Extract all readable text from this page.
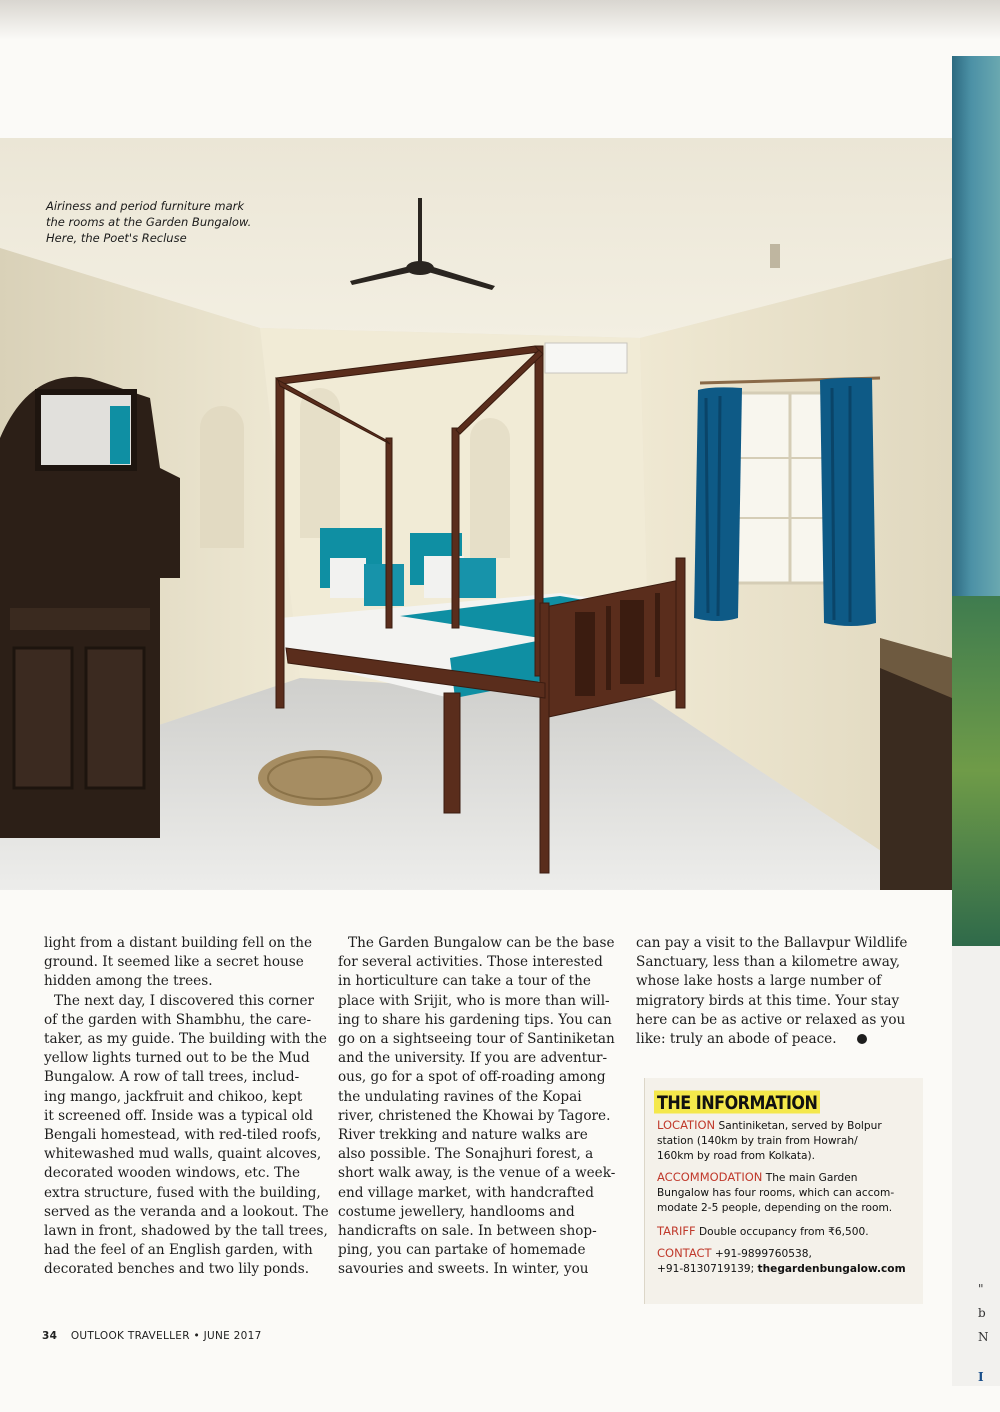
Airiness and period furniture mark
the rooms at the Garden Bungalow.
Here, the Poet's Recluse
"
b
N
I

light from a distant building fell on the
ground. It seemed like a secret house
hidden among the trees.

The next day, I discovered this corner
of the garden with Shambhu, the care-
taker, as my guide. The building with the
yellow lights turned out to be the Mud
Bungalow. A row of tall trees, includ-
ing mango, jackfruit and chikoo, kept
it screened off. Inside was a typical old
Bengali homestead, with red-tiled roofs,
whitewashed mud walls, quaint alcoves,
decorated wooden windows, etc. The
extra structure, fused with the building,
served as the veranda and a lookout. The
lawn in front, shadowed by the tall trees,
had the feel of an English garden, with
decorated benches and two lily ponds.

The Garden Bungalow can be the base
for several activities. Those interested
in horticulture can take a tour of the
place with Srijit, who is more than will-
ing to share his gardening tips. You can
go on a sightseeing tour of Santiniketan
and the university. If you are adventur-
ous, go for a spot of off-roading among
the undulating ravines of the Kopai
river, christened the Khowai by Tagore.
River trekking and nature walks are
also possible. The Sonajhuri forest, a
short walk away, is the venue of a week-
end village market, with handcrafted
costume jewellery, handlooms and
handicrafts on sale. In between shop-
ping, you can partake of homemade
savouries and sweets. In winter, you

can pay a visit to the Ballavpur Wildlife
Sanctuary, less than a kilometre away,
whose lake hosts a large number of
migratory birds at this time. Your stay
here can be as active or relaxed as you
like: truly an abode of peace.

THE INFORMATION
LOCATION Santiniketan, served by Bolpur
station (140km by train from Howrah/
160km by road from Kolkata).
ACCOMMODATION The main Garden
Bungalow has four rooms, which can accom-
modate 2-5 people, depending on the room.
TARIFF Double occupancy from ₹6,500.
CONTACT +91-9899760538,
+91-8130719139; thegardenbungalow.com
34 OUTLOOK TRAVELLER • JUNE 2017
